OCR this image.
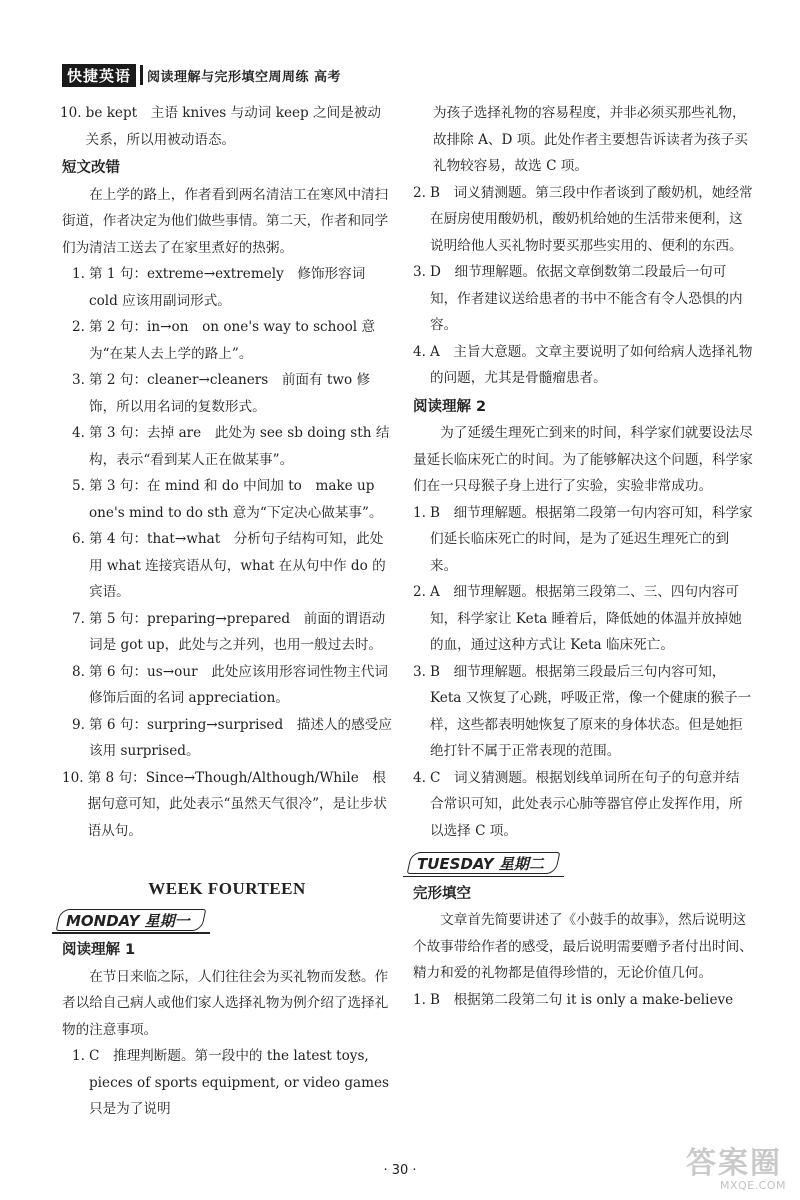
快捷英语	阅读理解与完形填空周周练 高考
10. be kept　主语 knives 与动词 keep 之间是被动关系，所以用被动语态。
短文改错
在上学的路上，作者看到两名清洁工在寒风中清扫街道，作者决定为他们做些事情。第二天，作者和同学们为清洁工送去了在家里煮好的热粥。
1. 第 1 句：extreme→extremely　修饰形容词 cold 应该用副词形式。
2. 第 2 句：in→on　on one's way to school 意为“在某人去上学的路上”。
3. 第 2 句：cleaner→cleaners　前面有 two 修饰，所以用名词的复数形式。
4. 第 3 句：去掉 are　此处为 see sb doing sth 结构，表示“看到某人正在做某事”。
5. 第 3 句：在 mind 和 do 中间加 to　make up one's mind to do sth 意为“下定决心做某事”。
6. 第 4 句：that→what　分析句子结构可知，此处用 what 连接宾语从句，what 在从句中作 do 的宾语。
7. 第 5 句：preparing→prepared　前面的谓语动词是 got up，此处与之并列，也用一般过去时。
8. 第 6 句：us→our　此处应该用形容词性物主代词修饰后面的名词 appreciation。
9. 第 6 句：surpring→surprised　描述人的感受应该用 surprised。
10. 第 8 句：Since→Though/Although/While　根据句意可知，此处表示“虽然天气很冷”，是让步状语从句。
WEEK FOURTEEN
MONDAY 星期一
阅读理解 1
在节日来临之际，人们往往会为买礼物而发愁。作者以给自己病人或他们家人选择礼物为例介绍了选择礼物的注意事项。
1. C　推理判断题。第一段中的 the latest toys, pieces of sports equipment, or video games 只是为了说明
为孩子选择礼物的容易程度，并非必须买那些礼物，故排除 A、D 项。此处作者主要想告诉读者为孩子买礼物较容易，故选 C 项。
2. B　词义猜测题。第三段中作者谈到了酸奶机，她经常在厨房使用酸奶机，酸奶机给她的生活带来便利，这说明给他人买礼物时要买那些实用的、便利的东西。
3. D　细节理解题。依据文章倒数第二段最后一句可知，作者建议送给患者的书中不能含有令人恐惧的内容。
4. A　主旨大意题。文章主要说明了如何给病人选择礼物的问题，尤其是骨髓瘤患者。
阅读理解 2
为了延缓生理死亡到来的时间，科学家们就要设法尽量延长临床死亡的时间。为了能够解决这个问题，科学家们在一只母猴子身上进行了实验，实验非常成功。
1. B　细节理解题。根据第二段第一句内容可知，科学家们延长临床死亡的时间，是为了延迟生理死亡的到来。
2. A　细节理解题。根据第三段第二、三、四句内容可知，科学家让 Keta 睡着后，降低她的体温并放掉她的血，通过这种方式让 Keta 临床死亡。
3. B　细节理解题。根据第三段最后三句内容可知，Keta 又恢复了心跳，呼吸正常，像一个健康的猴子一样，这些都表明她恢复了原来的身体状态。但是她拒绝打针不属于正常表现的范围。
4. C　词义猜测题。根据划线单词所在句子的句意并结合常识可知，此处表示心肺等器官停止发挥作用，所以选择 C 项。
TUESDAY 星期二
完形填空
文章首先简要讲述了《小鼓手的故事》，然后说明这个故事带给作者的感受，最后说明需要赠予者付出时间、精力和爱的礼物都是值得珍惜的，无论价值几何。
1. B　根据第二段第二句 it is only a make-believe
· 30 ·	答案圈
MXQE.COM
